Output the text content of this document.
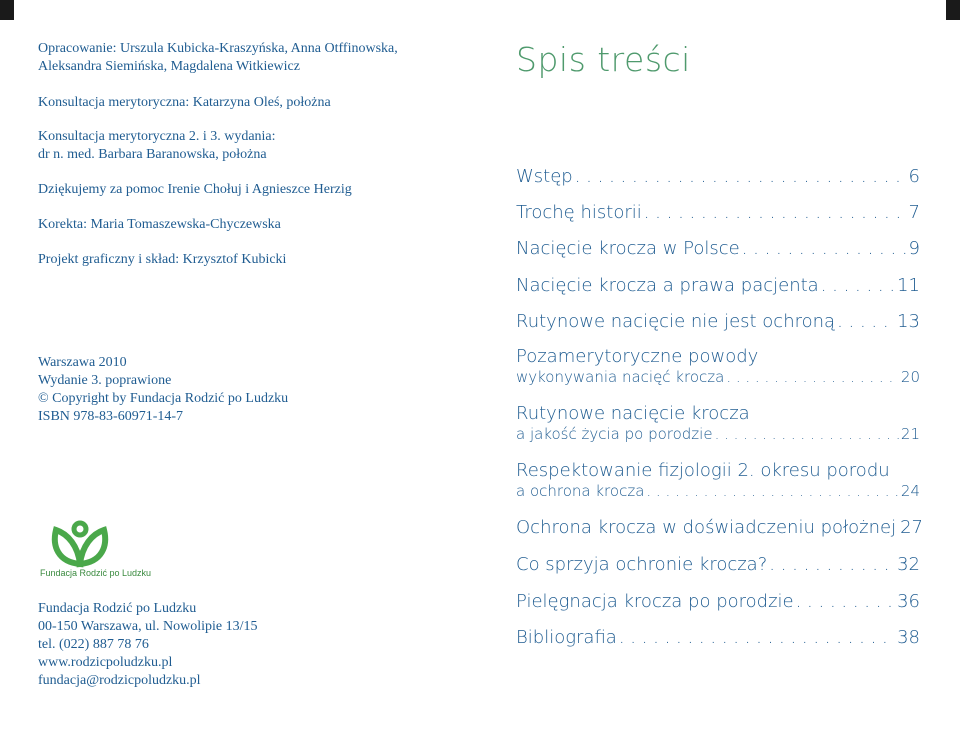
Opracowanie: Urszula Kubicka-Kraszyńska, Anna Otffinowska,

Aleksandra Siemińska, Magdalena Witkiewicz

Konsultacja merytoryczna: Katarzyna Oleś, położna

Konsultacja merytoryczna 2. i 3. wydania:

dr n. med. Barbara Baranowska, położna

Dziękujemy za pomoc Irenie Chołuj i Agnieszce Herzig

Korekta: Maria Tomaszewska-Chyczewska

Projekt graficzny i skład: Krzysztof Kubicki

Warszawa 2010

Wydanie 3. poprawione

© Copyright by Fundacja Rodzić po Ludzku

ISBN 978-83-60971-14-7

Fundacja Rodzić po Ludzku

00-150 Warszawa, ul. Nowolipie 13/15

tel. (022) 887 78 76

www.rodzicpoludzku.pl

fundacja@rodzicpoludzku.pl

Fundacja Rodzić po Ludzku
Spis treści
Wstęp . . .	6
Trochę historii . . .	7
Nacięcie krocza w Polsce . . .	9
Nacięcie krocza a prawa pacjenta . . .	11
Rutynowe nacięcie nie jest ochroną . . .	13
Pozamerytoryczne powody
wykonywania nacięć krocza . . .	20
Rutynowe nacięcie krocza
a jakość życia po porodzie . . .	21
Respektowanie fizjologii 2. okresu porodu
a ochrona krocza . . .	24
Ochrona krocza w doświadczeniu położnej 27
Co sprzyja ochronie krocza? . . .	32
Pielęgnacja krocza po porodzie . . .	36
Bibliografia . . .	38
